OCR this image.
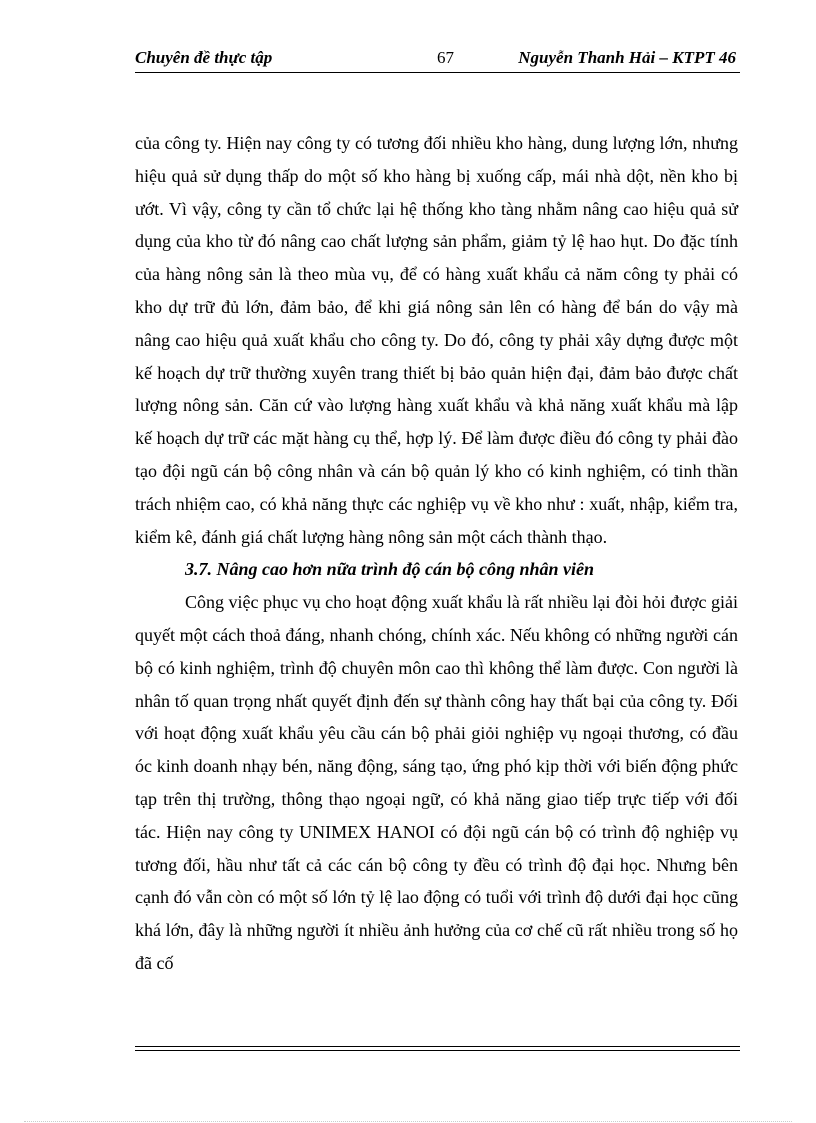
Chuyên đề thực tập	67	Nguyễn Thanh Hải – KTPT 46

của công ty. Hiện nay công ty có tương đối nhiều kho hàng, dung lượng lớn, nhưng hiệu quả sử dụng thấp do một số kho hàng bị xuống cấp, mái nhà dột, nền kho bị ướt. Vì vậy, công ty cần tổ chức lại hệ thống kho tàng nhằm nâng cao hiệu quả sử dụng của kho từ đó nâng cao chất lượng sản phẩm, giảm tỷ lệ hao hụt. Do đặc tính của hàng nông sản là theo mùa vụ, để có hàng xuất khẩu cả năm công ty phải có kho dự trữ đủ lớn, đảm bảo, để khi giá nông sản lên có hàng để bán do vậy mà nâng cao hiệu quả xuất khẩu cho công ty. Do đó, công ty phải xây dựng được một kế hoạch dự trữ thường xuyên trang thiết bị bảo quản hiện đại, đảm bảo được chất lượng nông sản. Căn cứ vào lượng hàng xuất khẩu và khả năng xuất khẩu mà lập kế hoạch dự trữ các mặt hàng cụ thể, hợp lý. Để làm được điều đó công ty phải đào tạo đội ngũ cán bộ công nhân và cán bộ quản lý kho có kinh nghiệm, có tinh thần trách nhiệm cao, có khả năng thực các nghiệp vụ về kho như : xuất, nhập, kiểm tra, kiểm kê, đánh giá chất lượng hàng nông sản một cách thành thạo.

3.7. Nâng cao hơn nữa trình độ cán bộ công nhân viên

Công việc phục vụ cho hoạt động xuất khẩu là rất nhiều lại đòi hỏi được giải quyết một cách thoả đáng, nhanh chóng, chính xác. Nếu không có những người cán bộ có kinh nghiệm, trình độ chuyên môn cao thì không thể làm được. Con người là nhân tố quan trọng nhất quyết định đến sự thành công hay thất bại của công ty. Đối với hoạt động xuất khẩu yêu cầu cán bộ phải giỏi nghiệp vụ ngoại thương, có đầu óc kinh doanh nhạy bén, năng động, sáng tạo, ứng phó kịp thời với biến động phức tạp trên thị trường, thông thạo ngoại ngữ, có khả năng giao tiếp trực tiếp với đối tác. Hiện nay công ty UNIMEX HANOI có đội ngũ cán bộ có trình độ nghiệp vụ tương đối, hầu như tất cả các cán bộ công ty đều có trình độ đại học. Nhưng bên cạnh đó vẫn còn có một số lớn tỷ lệ lao động có tuổi với trình độ dưới đại học cũng khá lớn, đây là những người ít nhiều ảnh hưởng của cơ chế cũ rất nhiều trong số họ đã cố
